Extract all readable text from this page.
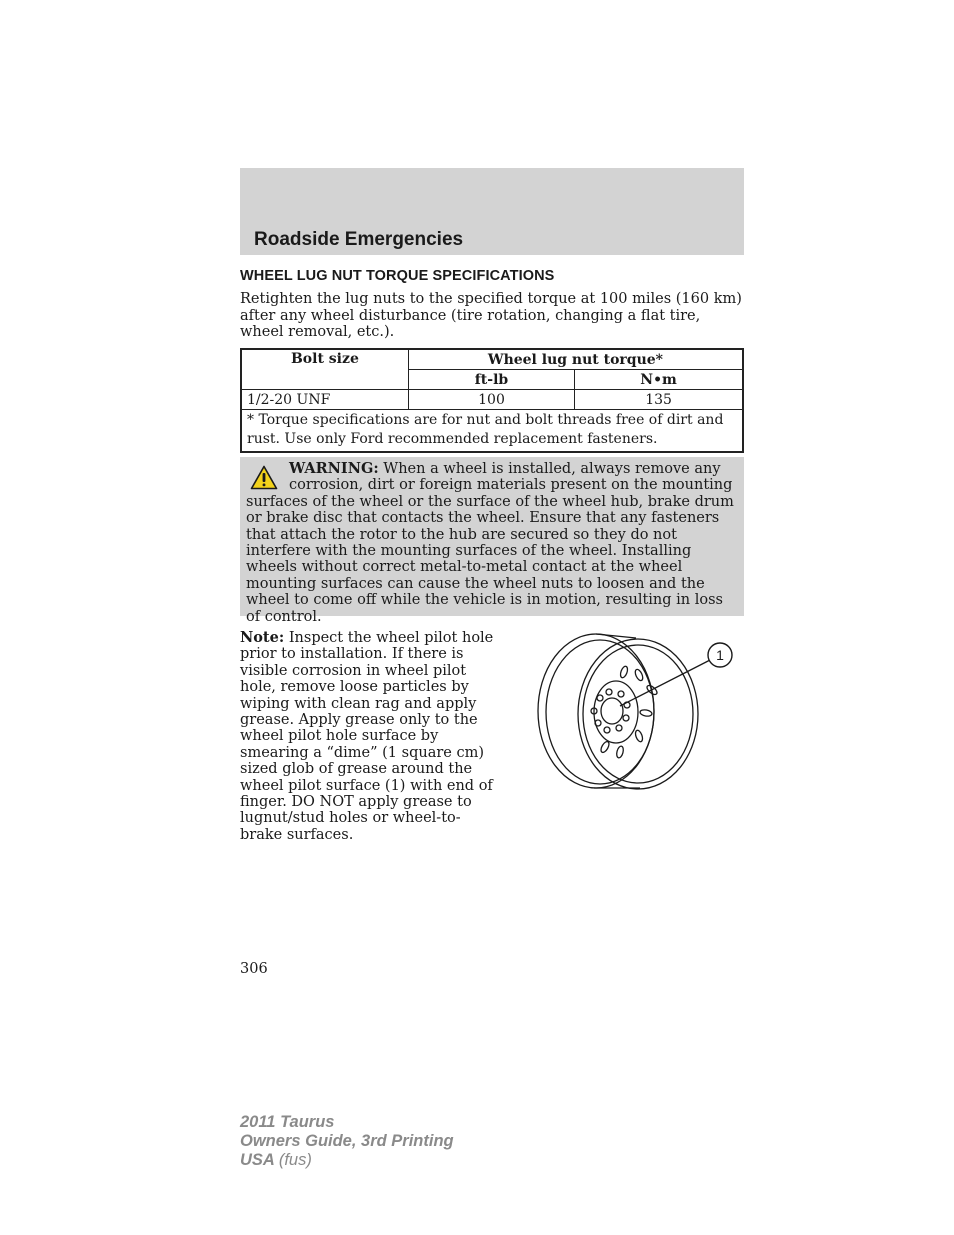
Roadside Emergencies
WHEEL LUG NUT TORQUE SPECIFICATIONS
Retighten the lug nuts to the specified torque at 100 miles (160 km) after any wheel disturbance (tire rotation, changing a flat tire, wheel removal, etc.).
Bolt size	Wheel lug nut torque*	
	ft-lb	N•m
1/2-20 UNF	100	135
* Torque specifications are for nut and bolt threads free of dirt and rust. Use only Ford recommended replacement fasteners.		
WARNING: When a wheel is installed, always remove any
corrosion, dirt or foreign materials present on the mounting surfaces of the wheel or the surface of the wheel hub, brake drum or brake disc that contacts the wheel. Ensure that any fasteners that attach the rotor to the hub are secured so they do not interfere with the mounting surfaces of the wheel. Installing wheels without correct metal-to-metal contact at the wheel mounting surfaces can cause the wheel nuts to loosen and the wheel to come off while the vehicle is in motion, resulting in loss of control.
Note: Inspect the wheel pilot hole prior to installation. If there is visible corrosion in wheel pilot hole, remove loose particles by wiping with clean rag and apply grease. Apply grease only to the wheel pilot hole surface by smearing a “dime” (1 square cm) sized glob of grease around the wheel pilot surface (1) with end of finger. DO NOT apply grease to lugnut/stud holes or wheel-to-brake surfaces.
1
306
2011 Taurus
Owners Guide, 3rd Printing
USA (fus)
